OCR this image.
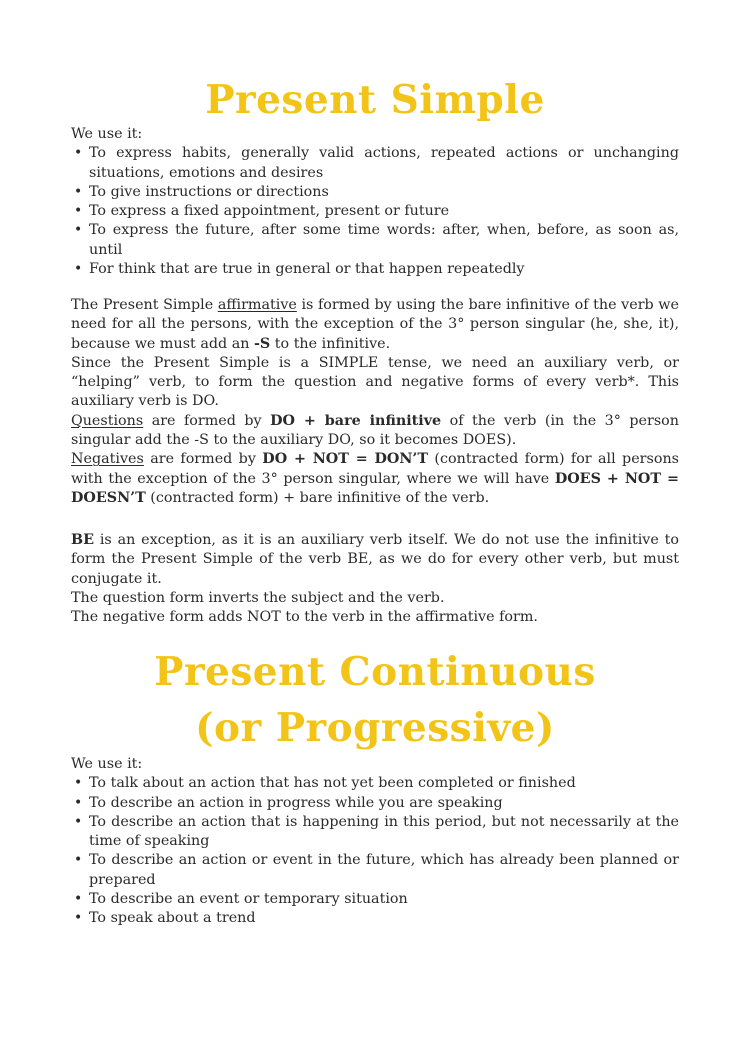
Present Simple

We use it:

• To express habits, generally valid actions, repeated actions or unchanging situations, emotions and desires
• To give instructions or directions
• To express a fixed appointment, present or future
• To express the future, after some time words: after, when, before, as soon as, until
• For think that are true in general or that happen repeatedly

The Present Simple affirmative is formed by using the bare infinitive of the verb we need for all the persons, with the exception of the 3° person singular (he, she, it), because we must add an -S to the infinitive.

Since the Present Simple is a SIMPLE tense, we need an auxiliary verb, or “helping” verb, to form the question and negative forms of every verb*. This auxiliary verb is DO.

Questions are formed by DO + bare infinitive of the verb (in the 3° person singular add the -S to the auxiliary DO, so it becomes DOES).

Negatives are formed by DO + NOT = DON’T (contracted form) for all persons with the exception of the 3° person singular, where we will have DOES + NOT = DOESN’T (contracted form) + bare infinitive of the verb.

BE is an exception, as it is an auxiliary verb itself. We do not use the infinitive to form the Present Simple of the verb BE, as we do for every other verb, but must conjugate it.

The question form inverts the subject and the verb.

The negative form adds NOT to the verb in the affirmative form.

Present Continuous
(or Progressive)

We use it:

• To talk about an action that has not yet been completed or finished
• To describe an action in progress while you are speaking
• To describe an action that is happening in this period, but not necessarily at the time of speaking
• To describe an action or event in the future, which has already been planned or prepared
• To describe an event or temporary situation
• To speak about a trend
